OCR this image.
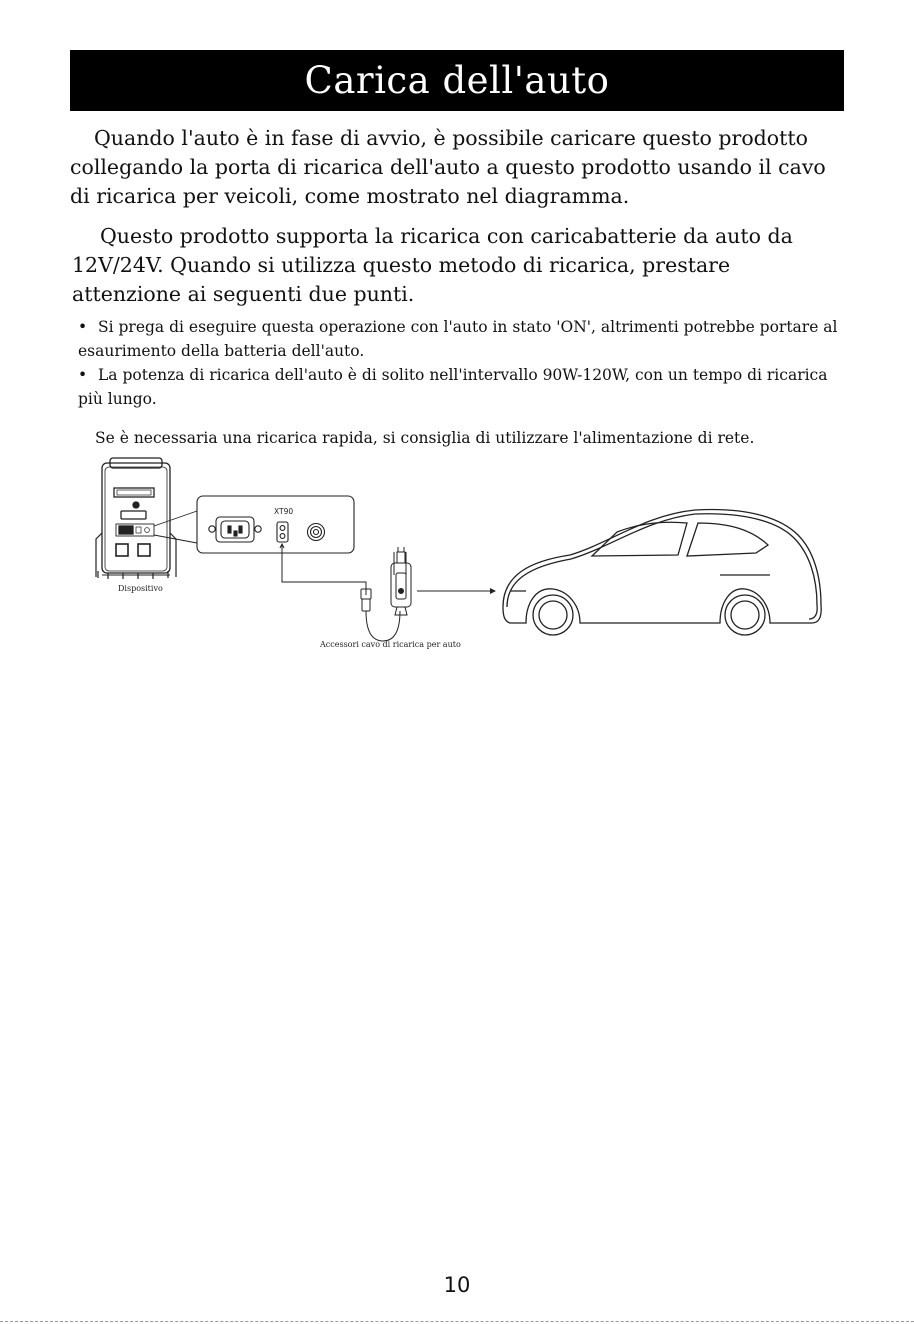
Carica dell'auto

Quando l'auto è in fase di avvio, è possibile caricare questo prodotto collegando la porta di ricarica dell'auto a questo prodotto usando il cavo di ricarica per veicoli, come mostrato nel diagramma.

Questo prodotto supporta la ricarica con caricabatterie da auto da 12V/24V. Quando si utilizza questo metodo di ricarica, prestare attenzione ai seguenti due punti.

• Si prega di eseguire questa operazione con l'auto in stato 'ON', altrimenti potrebbe portare al esaurimento della batteria dell'auto.
• La potenza di ricarica dell'auto è di solito nell'intervallo 90W-120W, con un tempo di ricarica più lungo.

Se è necessaria una ricarica rapida, si consiglia di utilizzare l'alimentazione di rete.

Dispositivo
XT90
Accessori cavo di ricarica per auto
10
